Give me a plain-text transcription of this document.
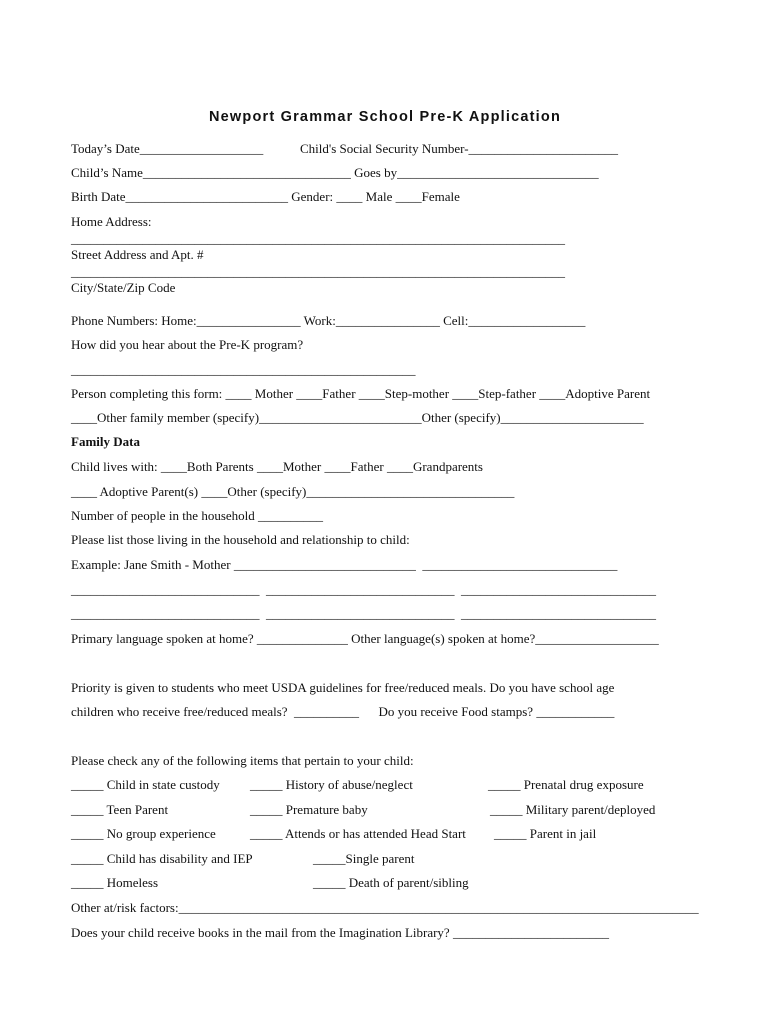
Newport Grammar School Pre-K Application
Today’s Date___________________	Child's Social Security Number-_______________________
Child’s Name________________________________ Goes by_______________________________
Birth Date_________________________ Gender: ____ Male ____Female
Home Address:
____________________________________________________________________________
Street Address and Apt. #
____________________________________________________________________________
City/State/Zip Code
Phone Numbers: Home:________________ Work:________________ Cell:__________________
How did you hear about the Pre-K program?
_____________________________________________________
Person completing this form: ____ Mother ____Father ____Step-mother ____Step-father ____Adoptive Parent
____Other family member (specify)_________________________Other (specify)______________________
Family Data
Child lives with: ____Both Parents ____Mother ____Father ____Grandparents
____ Adoptive Parent(s) ____Other (specify)________________________________
Number of people in the household __________
Please list those living in the household and relationship to child:
Example: Jane Smith - Mother ____________________________  ______________________________
_____________________________  _____________________________  ______________________________
_____________________________  _____________________________  ______________________________
Primary language spoken at home? ______________ Other language(s) spoken at home?___________________
Priority is given to students who meet USDA guidelines for free/reduced meals. Do you have school age
children who receive free/reduced meals?  __________      Do you receive Food stamps? ____________
Please check any of the following items that pertain to your child:
_____ Child in state custody _____ History of abuse/neglect	_____ Prenatal drug exposure
_____ Teen Parent	_____ Premature baby	_____ Military parent/deployed
_____ No group experience	_____ Attends or has attended Head Start _____ Parent in jail
_____ Child has disability and IEP	_____Single parent
_____ Homeless	_____ Death of parent/sibling
Other at/risk factors:________________________________________________________________________________
Does your child receive books in the mail from the Imagination Library? ________________________
